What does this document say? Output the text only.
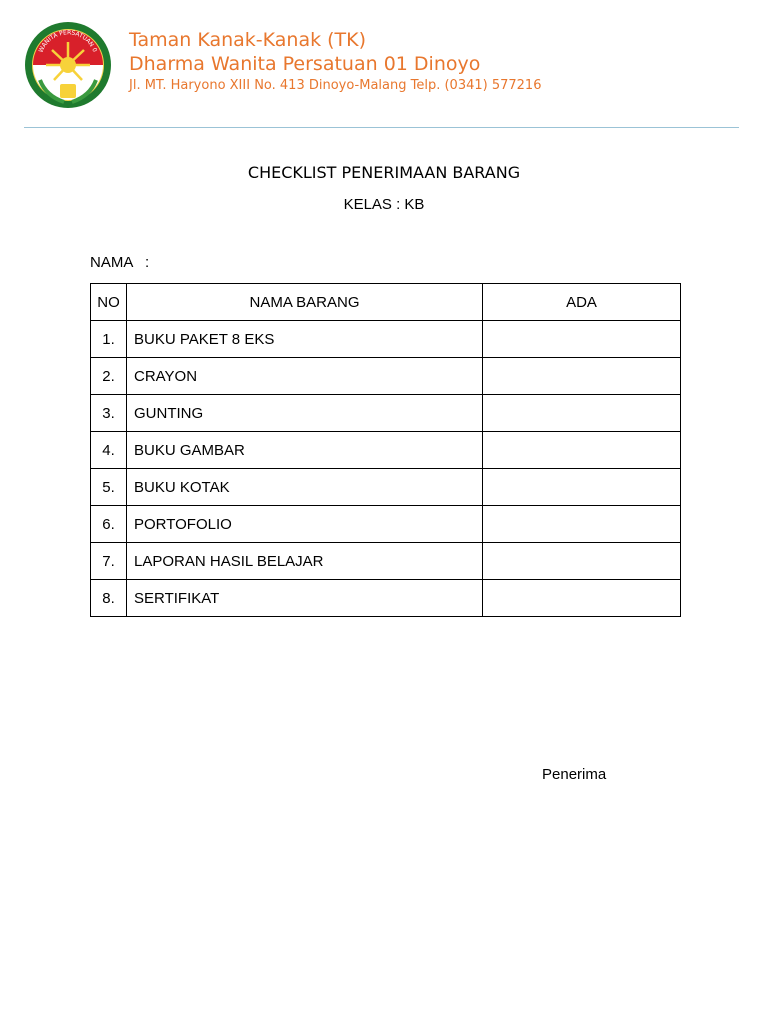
WANITA PERSATUAN 0 Taman Kanak-Kanak (TK)
Dharma Wanita Persatuan 01 Dinoyo
Jl. MT. Haryono XIII No. 413 Dinoyo-Malang Telp. (0341) 577216
CHECKLIST PENERIMAAN BARANG
KELAS : KB
NAMA   :
NO	NAMA BARANG	ADA
1.	BUKU PAKET 8 EKS	
2.	CRAYON	
3.	GUNTING	
4.	BUKU GAMBAR	
5.	BUKU KOTAK	
6.	PORTOFOLIO	
7.	LAPORAN HASIL BELAJAR	
8.	SERTIFIKAT	
Penerima
